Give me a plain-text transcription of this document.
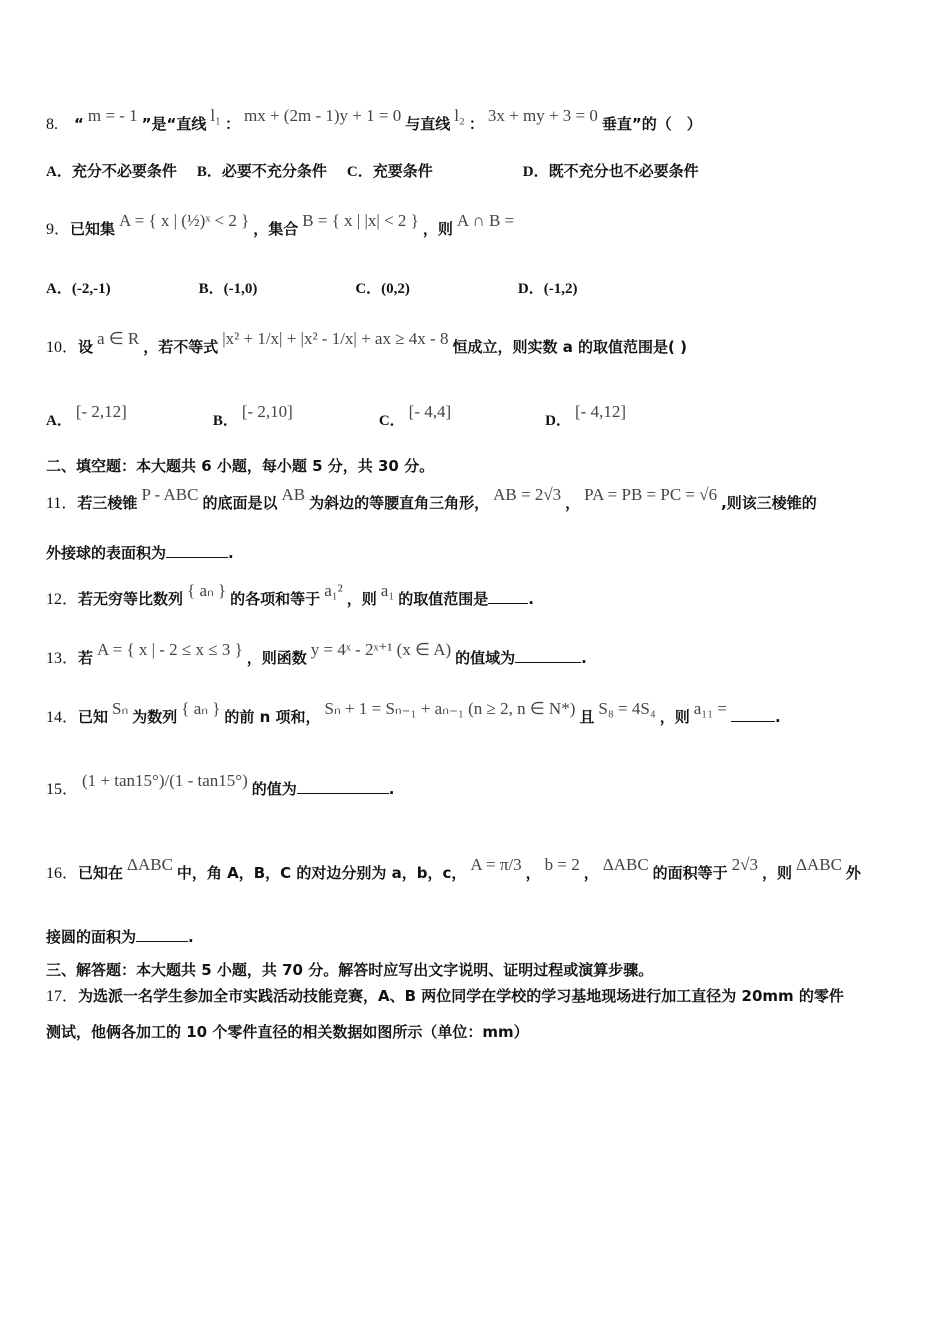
8.　“ m = - 1 ”是“直线 l₁ ： mx + (2m - 1)y + 1 = 0 与直线 l₂ ： 3x + my + 3 = 0 垂直”的（　）
A．充分不必要条件 B．必要不充分条件 C．充要条件	D．既不充分也不必要条件
9．已知集 A = { x | (½)ˣ < 2 } ，集合 B = { x | |x| < 2 } ，则 A ∩ B =
A．(-2,-1)	B．(-1,0)	C．(0,2)	D．(-1,2)
10．设 a ∈ R ，若不等式 |x² + 1/x| + |x² - 1/x| + ax ≥ 4x - 8 恒成立，则实数 a 的取值范围是( )
A． [- 2,12]	B． [- 2,10]	C． [- 4,4]	D． [- 4,12]
二、填空题：本大题共 6 小题，每小题 5 分，共 30 分。
11．若三棱锥 P - ABC 的底面是以 AB 为斜边的等腰直角三角形， AB = 2√3 ， PA = PB = PC = √6 ,则该三棱锥的
外接球的表面积为	.
12．若无穷等比数列 { aₙ } 的各项和等于 a₁² ，则 a₁ 的取值范围是	.
13．若 A = { x | - 2 ≤ x ≤ 3 } ，则函数 y = 4ˣ - 2ˣ⁺¹ (x ∈ A) 的值域为	.
14．已知 Sₙ 为数列 { aₙ } 的前 n 项和， Sₙ + 1 = Sₙ₋₁ + aₙ₋₁ (n ≥ 2, n ∈ N*) 且 S₈ = 4S₄ ，则 a₁₁ =	.
15． (1 + tan15°)/(1 - tan15°) 的值为	.
16．已知在 ΔABC 中，角 A，B，C 的对边分别为 a，b，c， A = π/3 ， b = 2 ， ΔABC 的面积等于 2√3 ，则 ΔABC 外
接圆的面积为	.
三、解答题：本大题共 5 小题，共 70 分。解答时应写出文字说明、证明过程或演算步骤。
17．为选派一名学生参加全市实践活动技能竞赛，A、B 两位同学在学校的学习基地现场进行加工直径为 20mm 的零件
测试，他俩各加工的 10 个零件直径的相关数据如图所示（单位：mm）
